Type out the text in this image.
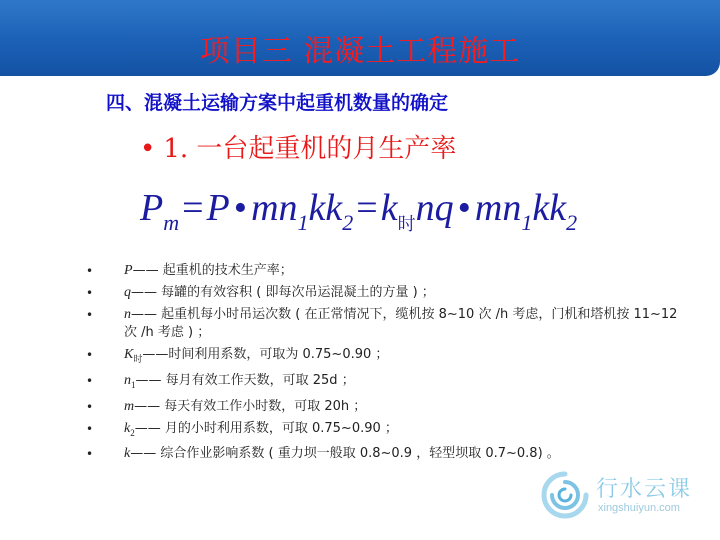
项目三 混凝土工程施工
四、混凝土运输方案中起重机数量的确定
• 1. 一台起重机的月生产率
$P_m=P$ • $mn_1kk_2=k_时nq$ • $mn_1kk_2$
• P—— 起重机的技术生产率；
• q—— 每罐的有效容积 ( 即每次吊运混凝土的方量 ) ；
• n—— 起重机每小时吊运次数 ( 在正常情况下，缆机按 8~10 次 /h 考虑，门机和塔机按 11~12 次 /h 考虑 ) ；
• $K_时——$时间利用系数，可取为 0.75~0.90 ；
• $n_1——$ 每月有效工作天数，可取 25d ；
• m—— 每天有效工作小时数，可取 20h ；
• $k_2——$ 月的小时利用系数，可取 0.75~0.90 ；
• k—— 综合作业影响系数 ( 重力坝一般取 0.8~0.9 ，轻型坝取 0.7~0.8) 。
行水云课
xingshuiyun.com
